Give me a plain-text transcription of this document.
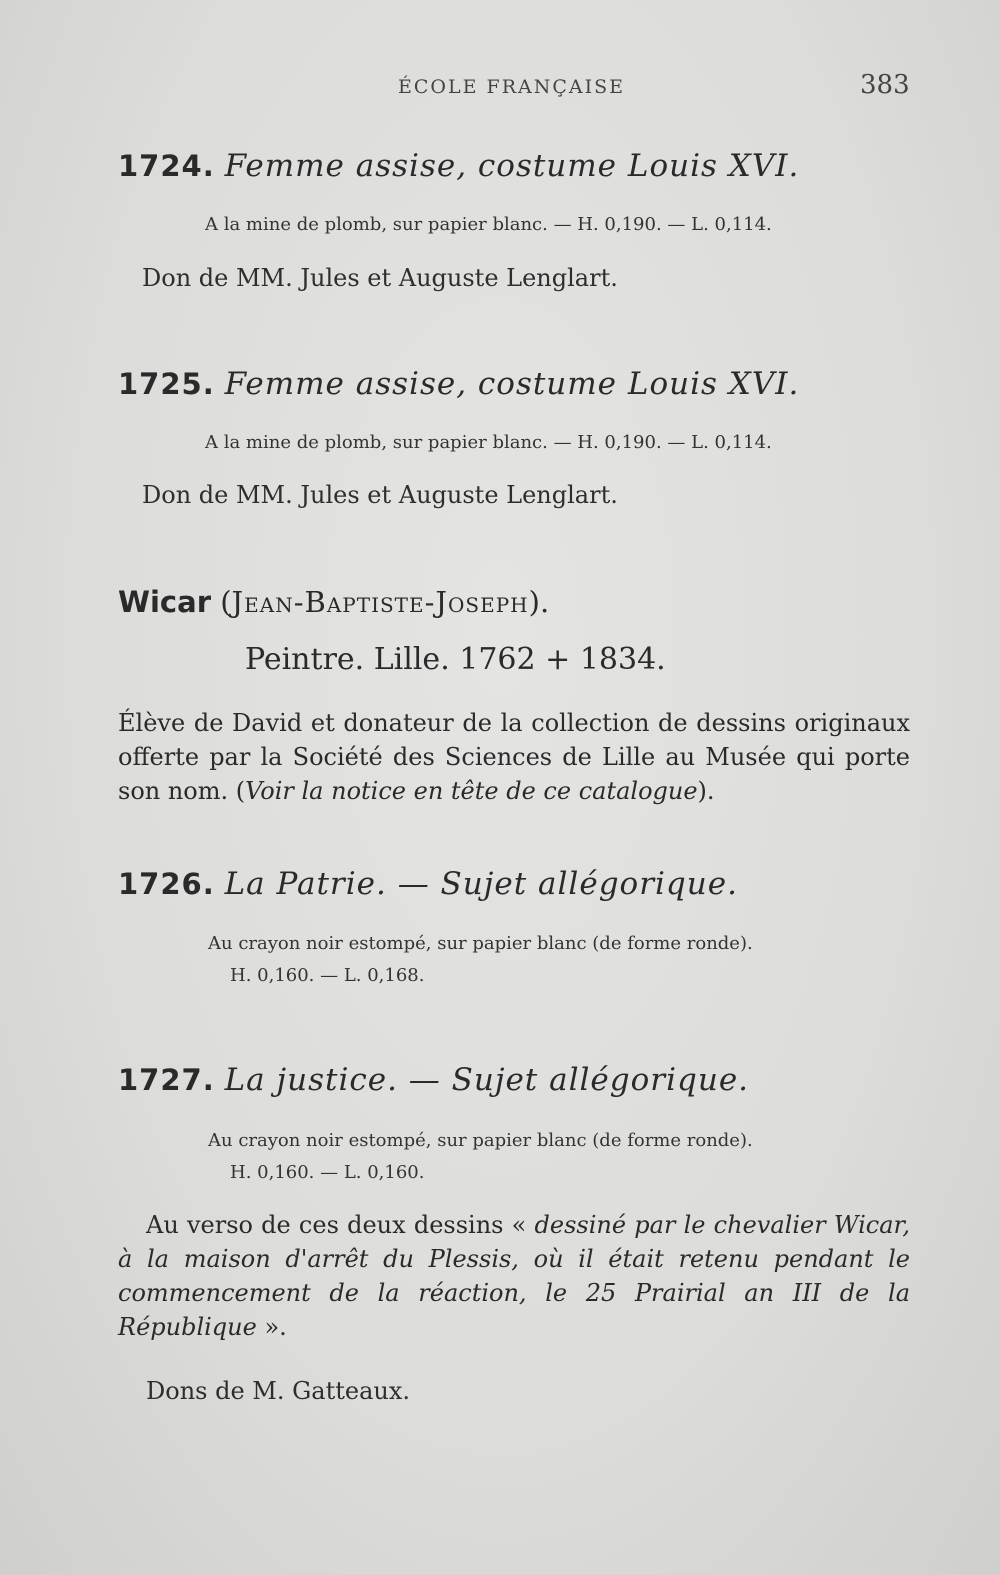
ÉCOLE FRANÇAISE	383
1724. Femme assise, costume Louis XVI.
A la mine de plomb, sur papier blanc. — H. 0,190. — L. 0,114.
Don de MM. Jules et Auguste Lenglart.
1725. Femme assise, costume Louis XVI.
A la mine de plomb, sur papier blanc. — H. 0,190. — L. 0,114.
Don de MM. Jules et Auguste Lenglart.
Wicar (Jean-Baptiste-Joseph).
Peintre. Lille. 1762 + 1834.
Élève de David et donateur de la collection de dessins originaux offerte par la Société des Sciences de Lille au Musée qui porte son nom. (Voir la notice en tête de ce catalogue).
1726. La Patrie. — Sujet allégorique.
Au crayon noir estompé, sur papier blanc (de forme ronde).
H. 0,160. — L. 0,168.
1727. La justice. — Sujet allégorique.
Au crayon noir estompé, sur papier blanc (de forme ronde).
H. 0,160. — L. 0,160.
Au verso de ces deux dessins « dessiné par le chevalier Wicar, à la maison d'arrêt du Plessis, où il était retenu pendant le commencement de la réaction, le 25 Prairial an III de la République ».
Dons de M. Gatteaux.
